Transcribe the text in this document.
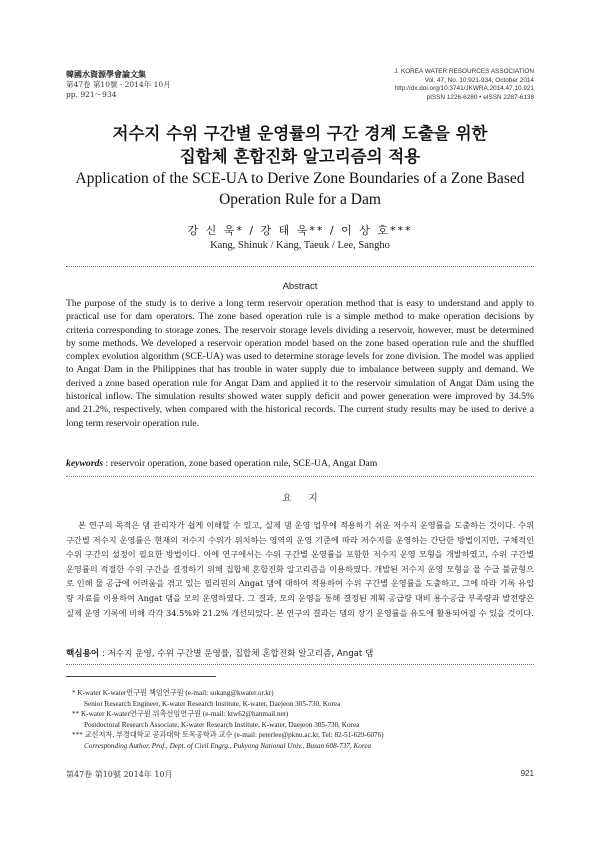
韓國水資源學會論文集
第47卷 第10號 · 2014年 10月
pp. 921～934
J. KOREA WATER RESOURCES ASSOCIATION
Vol. 47, No. 10:921-934, October 2014
http://dx.doi.org/10.3741/JKWRA.2014.47.10.921
pISSN 1226-6280 • eISSN 2287-6138
저수지 수위 구간별 운영률의 구간 경계 도출을 위한
집합체 혼합진화 알고리즘의 적용
Application of the SCE-UA to Derive Zone Boundaries of a Zone Based
Operation Rule for a Dam
강 신 욱* / 강 태 욱** / 이 상 호***
Kang, Shinuk / Kang, Taeuk / Lee, Sangho
Abstract
The purpose of the study is to derive a long term reservoir operation method that is easy to understand and apply to practical use for dam operators. The zone based operation rule is a simple method to make operation decisions by criteria corresponding to storage zones. The reservoir storage levels dividing a reservoir, however, must be determined by some methods. We developed a reservoir operation model based on the zone based operation rule and the shuffled complex evolution algorithm (SCE-UA) was used to determine storage levels for zone division. The model was applied to Angat Dam in the Philippines that has trouble in water supply due to imbalance between supply and demand. We derived a zone based operation rule for Angat Dam and applied it to the reservoir simulation of Angat Dam using the historical inflow. The simulation results showed water supply deficit and power generation were improved by 34.5% and 21.2%, respectively, when compared with the historical records. The current study results may be used to derive a long term reservoir operation rule.
keywords : reservoir operation, zone based operation rule, SCE-UA, Angat Dam
요 지
본 연구의 목적은 댐 관리자가 쉽게 이해할 수 있고, 실제 댐 운영 업무에 적용하기 쉬운 저수지 운영률을 도출하는 것이다. 수위 구간별 저수지 운영률은 현재의 저수지 수위가 위치하는 영역의 운영 기준에 따라 저수지를 운영하는 간단한 방법이지만, 구체적인 수위 구간의 설정이 필요한 방법이다. 이에 연구에서는 수위 구간별 운영률을 포함한 저수지 운영 모형을 개발하였고, 수위 구간별 운영률의 적절한 수위 구간을 결정하기 위해 집합체 혼합진화 알고리즘을 이용하였다. 개발된 저수지 운영 모형을 물 수급 불균형으로 인해 물 공급에 어려움을 겪고 있는 필리핀의 Angat 댐에 대하여 적용하여 수위 구간별 운영률을 도출하고, 그에 따라 기록 유입량 자료를 이용하여 Angat 댐을 모의 운영하였다. 그 결과, 모의 운영을 통해 결정된 계획 공급량 대비 용수공급 부족량과 발전량은 실제 운영 기록에 비해 각각 34.5%와 21.2% 개선되었다. 본 연구의 결과는 댐의 장기 운영률을 유도에 활용되어질 수 있을 것이다.
핵심용어 : 저수지 운영, 수위 구간별 운영률, 집합체 혼합진화 알고리즘, Angat 댐
* K-water K-water연구원 책임연구원 (e-mail: sukang@kwater.or.kr)
Senior Research Engineer, K-water Research Institute, K-water, Daejeon 305-730, Korea
** K-water K-water연구원 위촉선임연구원 (e-mail: ktw62@hanmail.net)
Postdoctoral Research Associate, K-water Research Institute, K-water, Daejeon 305-730, Korea
*** 교신저자, 부경대학교 공과대학 토목공학과 교수 (e-mail: peterlee@pknu.ac.kr, Tel: 82-51-629-6076)
Corresponding Author, Prof., Dept. of Civil Engrg., Pukyong National Univ., Busan 608-737, Korea
第47卷 第10號 2014年 10月	921
